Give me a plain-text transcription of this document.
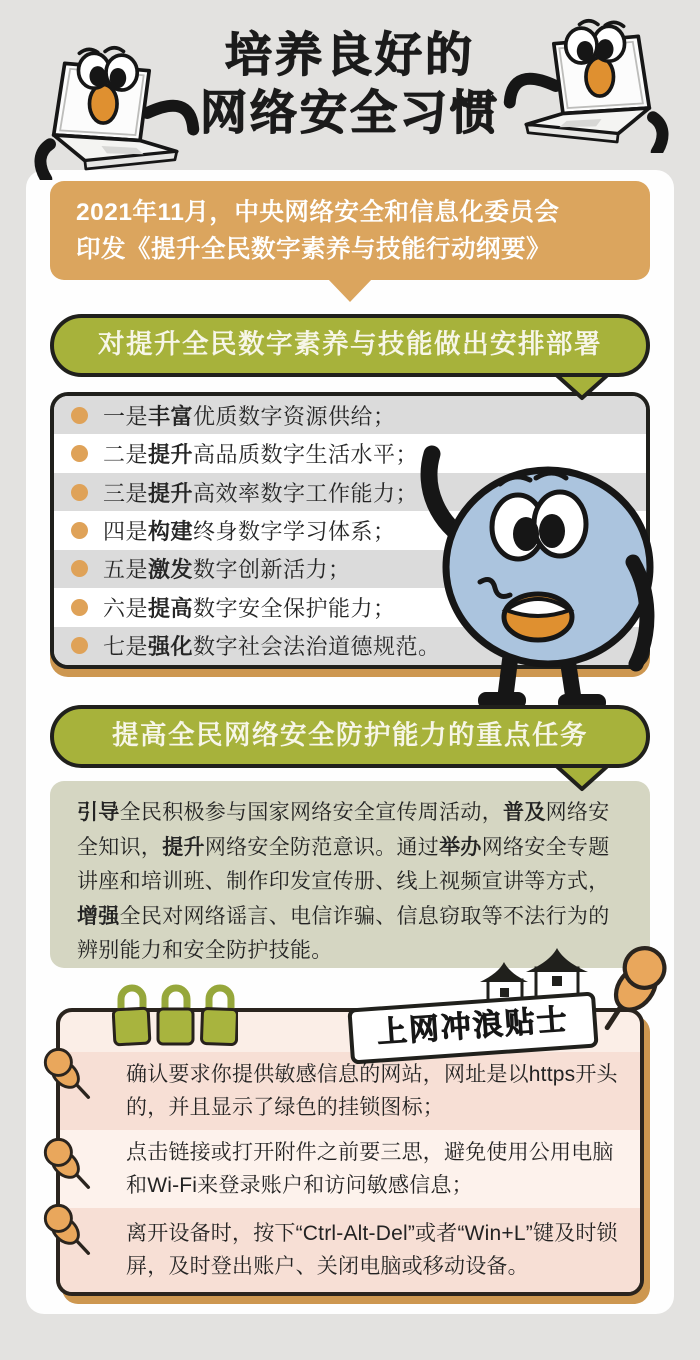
培养良好的
网络安全习惯
2021年11月，中央网络安全和信息化委员会
印发《提升全民数字素养与技能行动纲要》
对提升全民数字素养与技能做出安排部署
一是丰富优质数字资源供给；
二是提升高品质数字生活水平；
三是提升高效率数字工作能力；
四是构建终身数字学习体系；
五是激发数字创新活力；
六是提高数字安全保护能力；
七是强化数字社会法治道德规范。
提高全民网络安全防护能力的重点任务
引导全民积极参与国家网络安全宣传周活动，普及网络安全知识，提升网络安全防范意识。通过举办网络安全专题讲座和培训班、制作印发宣传册、线上视频宣讲等方式，增强全民对网络谣言、电信诈骗、信息窃取等不法行为的辨别能力和安全防护技能。
上网冲浪贴士
确认要求你提供敏感信息的网站，网址是以https开头的，并且显示了绿色的挂锁图标；
点击链接或打开附件之前要三思，避免使用公用电脑和Wi-Fi来登录账户和访问敏感信息；
离开设备时，按下“Ctrl-Alt-Del”或者“Win+L”键及时锁屏，及时登出账户、关闭电脑或移动设备。
